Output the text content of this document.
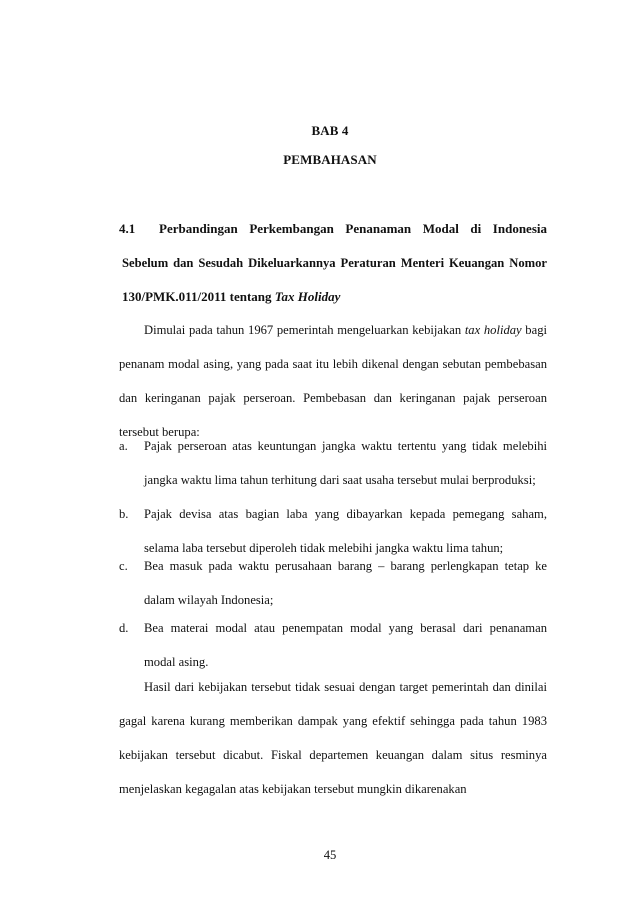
BAB 4
PEMBAHASAN
4.1	Perbandingan Perkembangan Penanaman Modal di Indonesia
Sebelum dan Sesudah Dikeluarkannya Peraturan Menteri Keuangan Nomor
130/PMK.011/2011 tentang Tax Holiday
Dimulai pada tahun 1967 pemerintah mengeluarkan kebijakan tax holiday bagi
penanam modal asing, yang pada saat itu lebih dikenal dengan sebutan pembebasan
dan keringanan pajak perseroan. Pembebasan dan keringanan pajak perseroan
tersebut berupa:
a.	Pajak perseroan atas keuntungan jangka waktu tertentu yang tidak melebihi
jangka waktu lima tahun terhitung dari saat usaha tersebut mulai berproduksi;
b.	Pajak devisa atas bagian laba yang dibayarkan kepada pemegang saham,
selama laba tersebut diperoleh tidak melebihi jangka waktu lima tahun;
c.	Bea masuk pada waktu perusahaan barang – barang perlengkapan tetap ke
dalam wilayah Indonesia;
d.	Bea materai modal atau penempatan modal yang berasal dari penanaman
modal asing.
Hasil dari kebijakan tersebut tidak sesuai dengan target pemerintah dan dinilai
gagal karena kurang memberikan dampak yang efektif sehingga pada tahun 1983
kebijakan tersebut dicabut. Fiskal departemen keuangan dalam situs resminya
menjelaskan kegagalan atas kebijakan tersebut mungkin dikarenakan
45
